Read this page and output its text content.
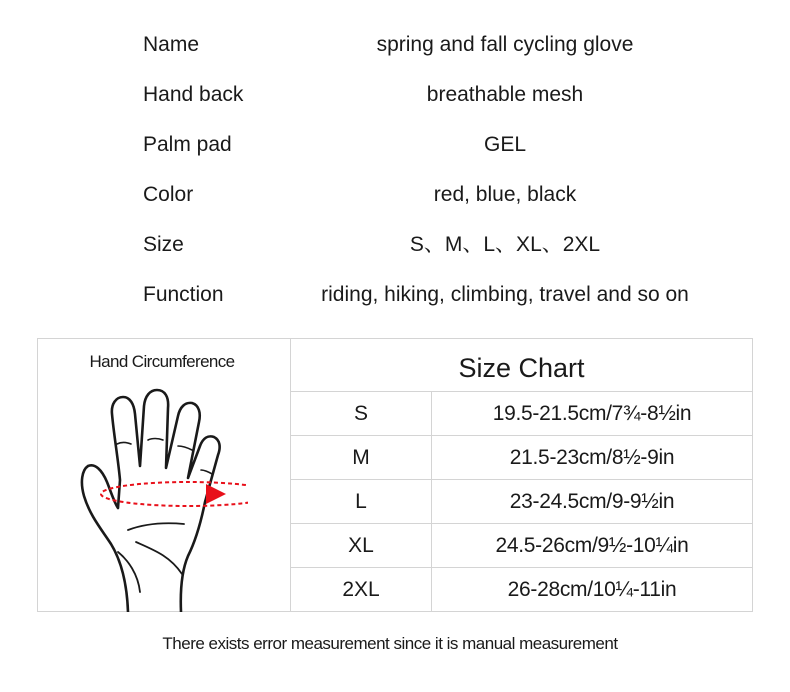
Name	spring and fall cycling glove
Hand back	breathable mesh
Palm pad	GEL
Color	red, blue, black
Size	S、M、L、XL、2XL
Function	riding, hiking, climbing, travel and so on
Hand Circumference	Size Chart
S	19.5-21.5cm/7¾-8½in
M	21.5-23cm/8½-9in
L	23-24.5cm/9-9½in
XL	24.5-26cm/9½-10¼in
2XL	26-28cm/10¼-11in
There exists error measurement since it is manual measurement
